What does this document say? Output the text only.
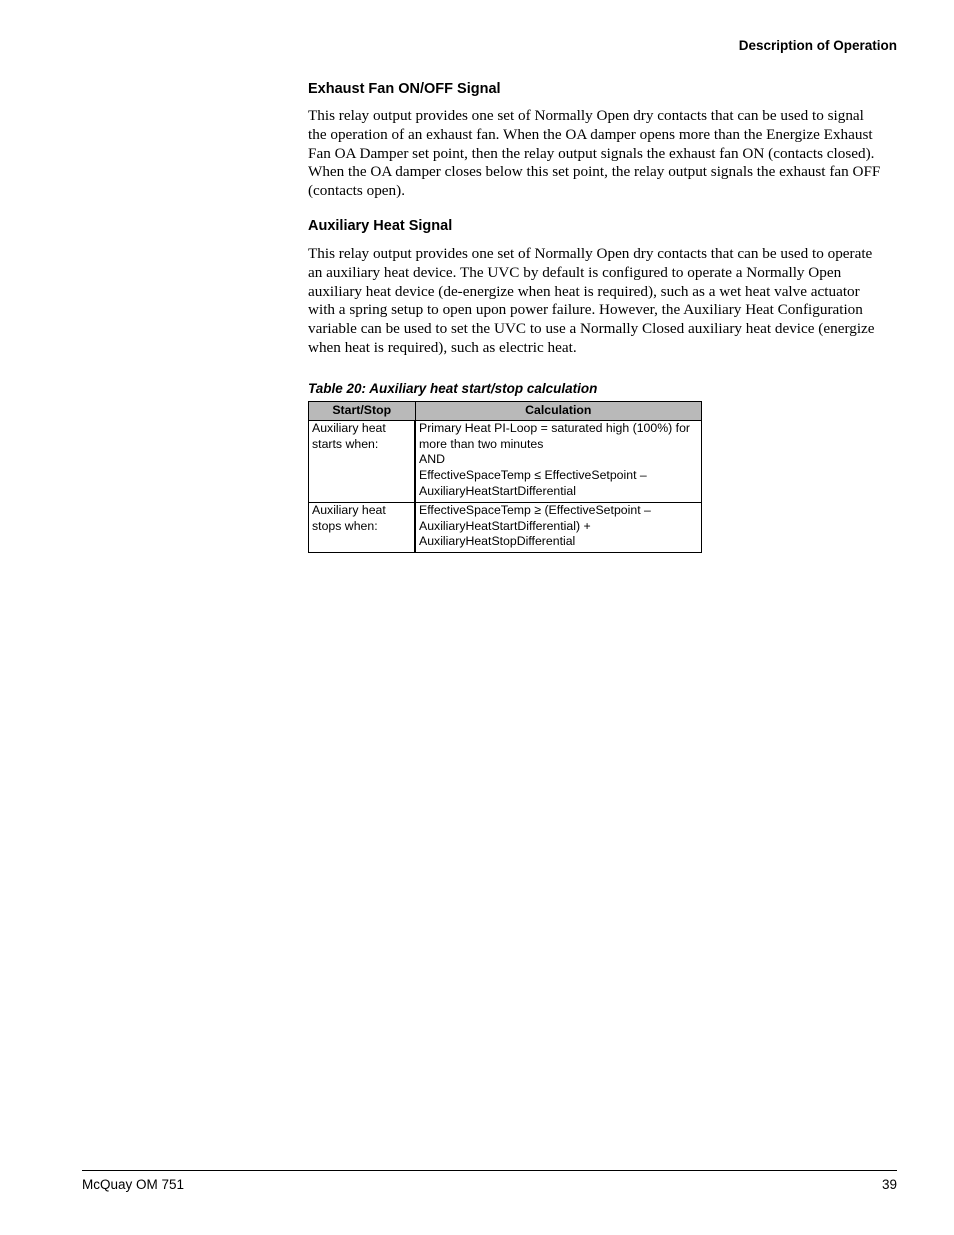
Description of Operation
Exhaust Fan ON/OFF Signal

This relay output provides one set of Normally Open dry contacts that can be used to signal
the operation of an exhaust fan. When the OA damper opens more than the Energize Exhaust
Fan OA Damper set point, then the relay output signals the exhaust fan ON (contacts closed).
When the OA damper closes below this set point, the relay output signals the exhaust fan OFF
(contacts open).

Auxiliary Heat Signal

This relay output provides one set of Normally Open dry contacts that can be used to operate
an auxiliary heat device. The UVC by default is configured to operate a Normally Open
auxiliary heat device (de-energize when heat is required), such as a wet heat valve actuator
with a spring setup to open upon power failure. However, the Auxiliary Heat Configuration
variable can be used to set the UVC to use a Normally Closed auxiliary heat device (energize
when heat is required), such as electric heat.

Table 20: Auxiliary heat start/stop calculation
Start/Stop	Calculation

Auxiliary heat
starts when:	Primary Heat PI-Loop = saturated high (100%) for
more than two minutes
AND
EffectiveSpaceTemp ≤ EffectiveSetpoint –
AuxiliaryHeatStartDifferential

Auxiliary heat
stops when:	EffectiveSpaceTemp ≥ (EffectiveSetpoint –
AuxiliaryHeatStartDifferential) +
AuxiliaryHeatStopDifferential
McQuay OM 751	39
